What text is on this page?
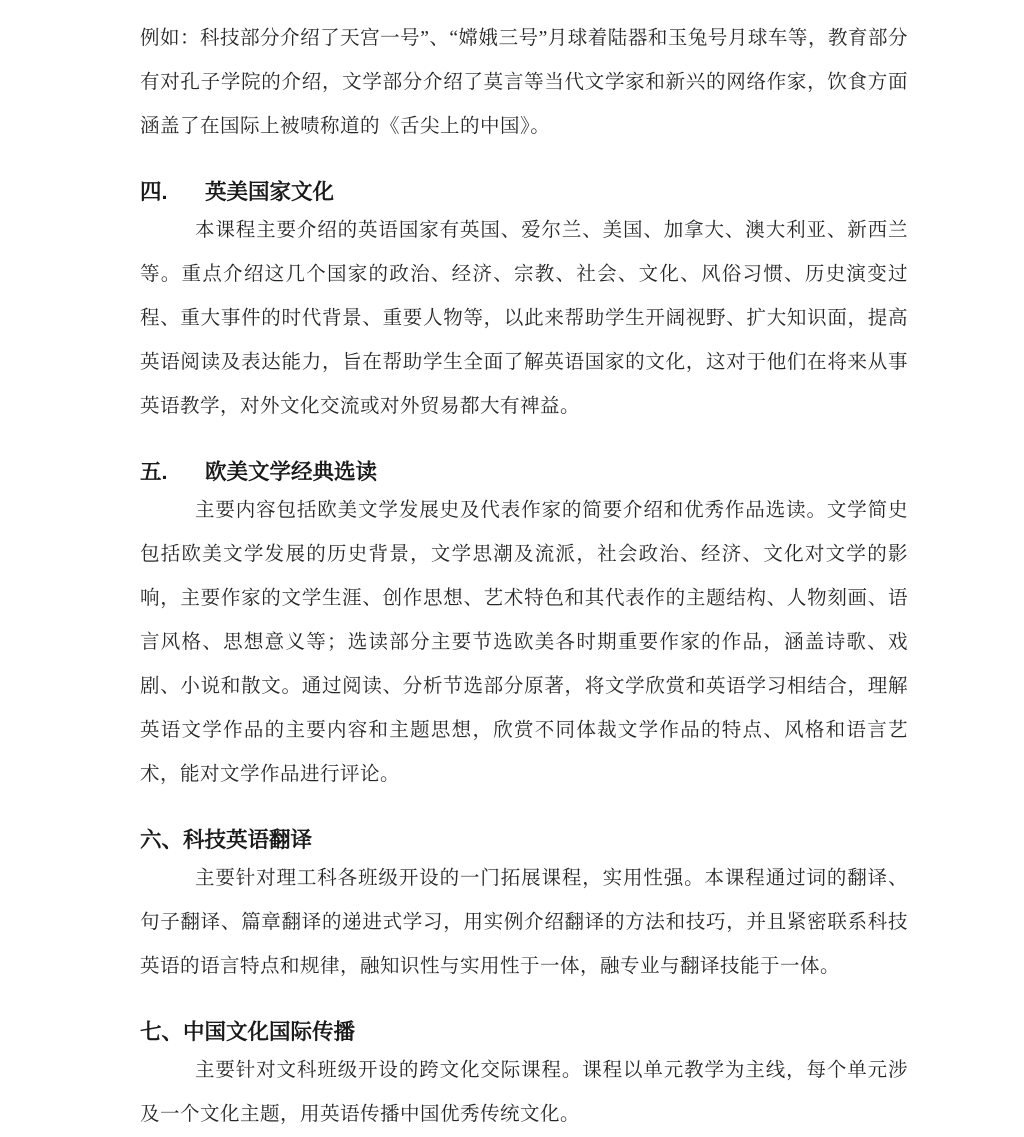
例如：科技部分介绍了天宫一号”、“嫦娥三号”月球着陆器和玉兔号月球车等，教育部分有对孔子学院的介绍，文学部分介绍了莫言等当代文学家和新兴的网络作家，饮食方面涵盖了在国际上被啧称道的《舌尖上的中国》。

四. 英美国家文化

本课程主要介绍的英语国家有英国、爱尔兰、美国、加拿大、澳大利亚、新西兰等。重点介绍这几个国家的政治、经济、宗教、社会、文化、风俗习惯、历史演变过程、重大事件的时代背景、重要人物等，以此来帮助学生开阔视野、扩大知识面，提高英语阅读及表达能力，旨在帮助学生全面了解英语国家的文化，这对于他们在将来从事英语教学，对外文化交流或对外贸易都大有禆益。

五. 欧美文学经典选读

主要内容包括欧美文学发展史及代表作家的简要介绍和优秀作品选读。文学简史包括欧美文学发展的历史背景，文学思潮及流派，社会政治、经济、文化对文学的影响，主要作家的文学生涯、创作思想、艺术特色和其代表作的主题结构、人物刻画、语言风格、思想意义等；选读部分主要节选欧美各时期重要作家的作品，涵盖诗歌、戏剧、小说和散文。通过阅读、分析节选部分原著，将文学欣赏和英语学习相结合，理解英语文学作品的主要内容和主题思想，欣赏不同体裁文学作品的特点、风格和语言艺术，能对文学作品进行评论。

六、科技英语翻译

主要针对理工科各班级开设的一门拓展课程，实用性强。本课程通过词的翻译、句子翻译、篇章翻译的递进式学习，用实例介绍翻译的方法和技巧，并且紧密联系科技英语的语言特点和规律，融知识性与实用性于一体，融专业与翻译技能于一体。

七、中国文化国际传播

主要针对文科班级开设的跨文化交际课程。课程以单元教学为主线，每个单元涉及一个文化主题，用英语传播中国优秀传统文化。
